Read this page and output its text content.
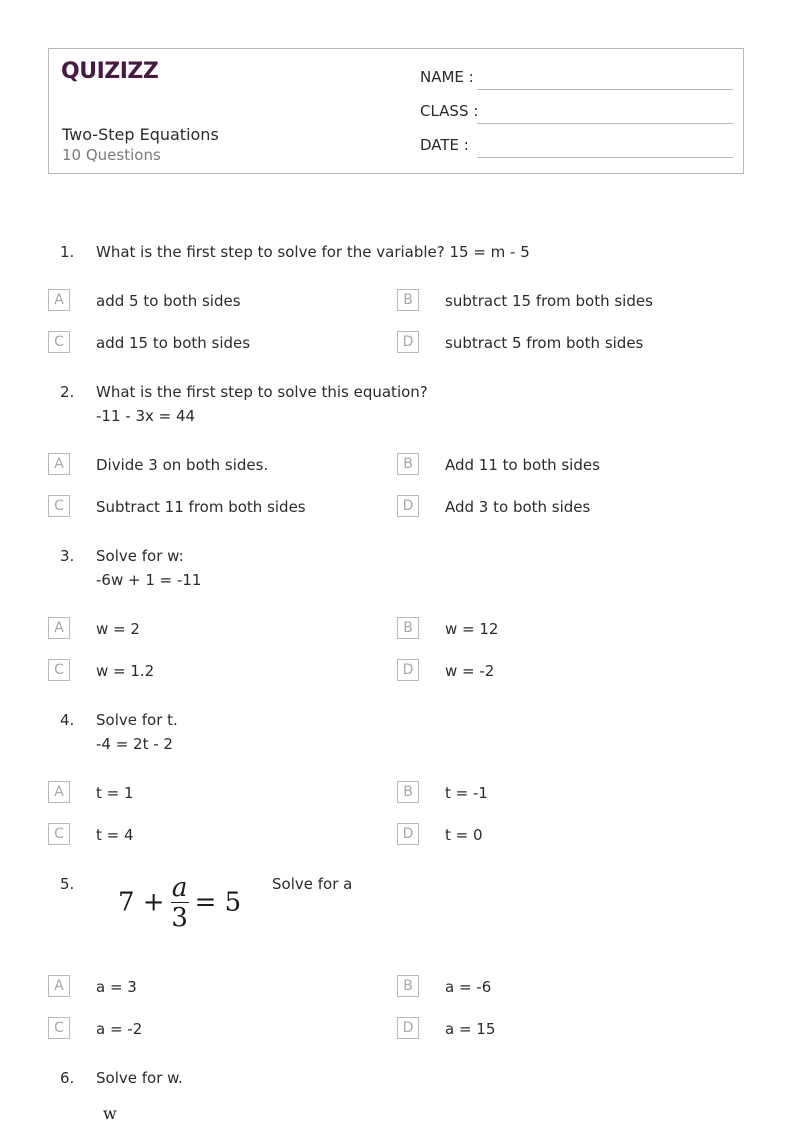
QUIZIZZ
Two-Step Equations
10 Questions
NAME :
CLASS :
DATE :
1. What is the first step to solve for the variable? 15 = m - 5
A	add 5 to both sides	B	subtract 15 from both sides
C	add 15 to both sides	D	subtract 5 from both sides
2. What is the first step to solve this equation?
-11 - 3x = 44
A	Divide 3 on both sides.	B	Add 11 to both sides
C	Subtract 11 from both sides	D	Add 3 to both sides
3. Solve for w:
-6w + 1 = -11
A	w = 2	B	w = 12
C	w = 1.2	D	w = -2
4. Solve for t.
-4 = 2t - 2
A	t = 1	B	t = -1
C	t = 4	D	t = 0
5.
$7 + \frac{a}{3} = 5$
Solve for a
A	a = 3	B	a = -6
C	a = -2	D	a = 15
6. Solve for w.
w
